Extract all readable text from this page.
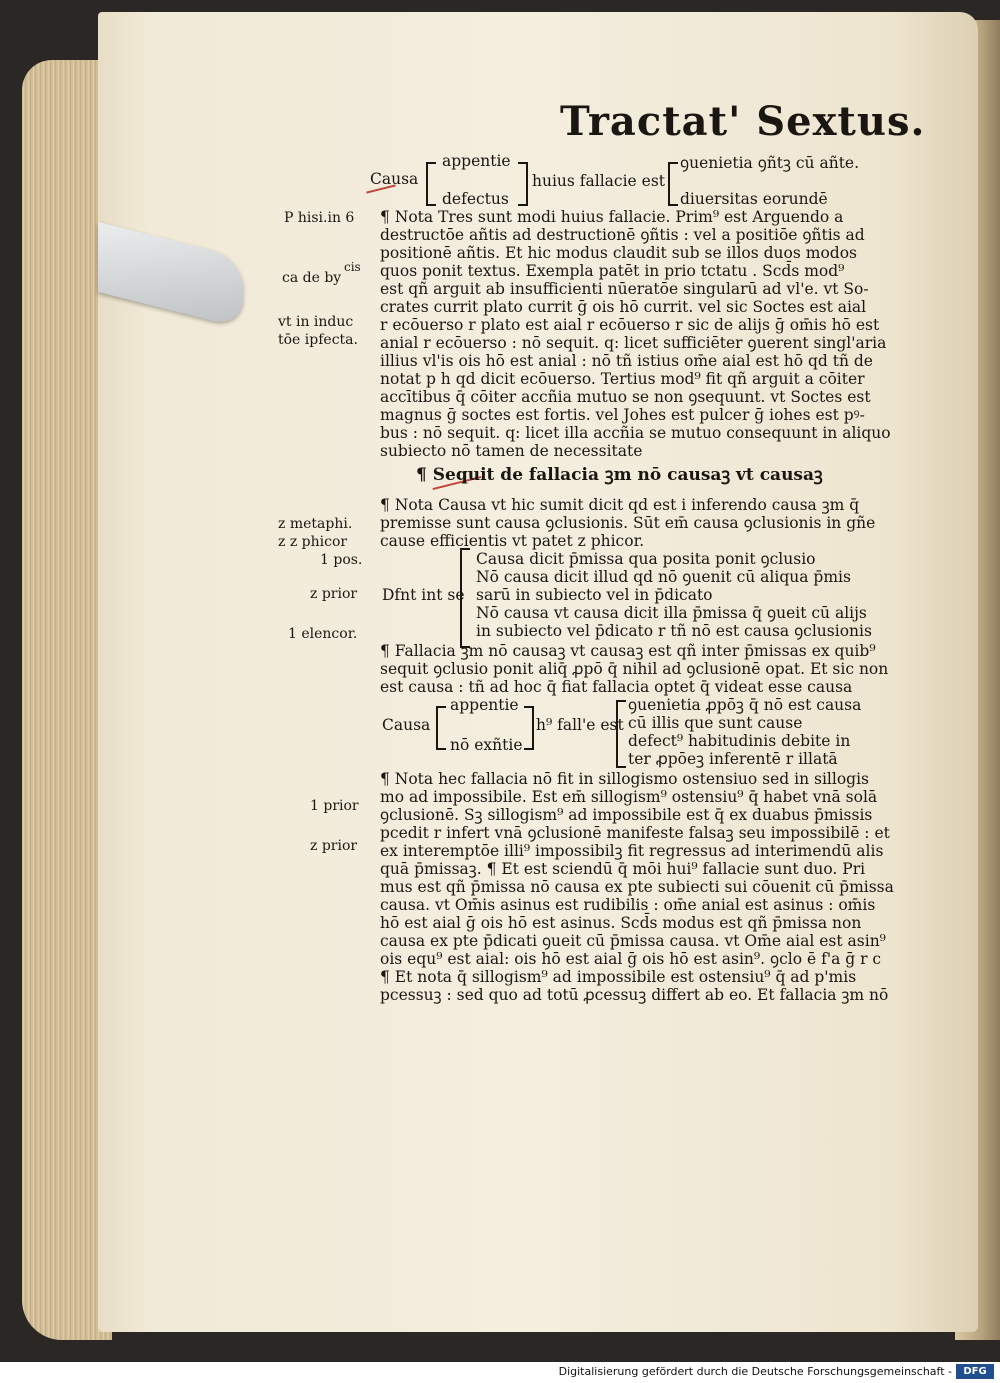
Tractat' Sextus.
Causa
appentie
defectus
huius fallacie est
ꝯuenietia ꝯñtꝫ cū añte.
diuersitas eorundē
P hisi.in 6
ca de by
cis
vt in induc
tōe ipfecta.
z metaphi.
z z phicor
1 pos.
z prior
1 elencor.
1 prior
z prior
¶ Nota Tres sunt modi huius fallacie. Prim⁹ est Arguendo a
destructōe añtis ad destructionē ꝯñtis : vel a positiōe ꝯñtis ad
positionē añtis. Et hic modus claudit sub se illos duos modos
quos ponit textus. Exempla patēt in prio tctatu . Scd̄s mod⁹
est qñ arguit ab insufficienti nūeratōe singularū ad vl'e. vt So-
crates currit plato currit ḡ ois hō currit. vel sic Soctes est aial
r ecōuerso r plato est aial r ecōuerso r sic de alijs ḡ om̄is hō est
anial r ecōuerso : nō sequit. q: licet sufficiēter ꝯuerent singl'aria
illius vl'is ois hō est anial : nō tñ istius om̄e aial est hō qd tñ de
notat p h qd dicit ecōuerso. Tertius mod⁹ fit qñ arguit a cōiter
accītibus q̄ cōiter accñia mutuo se non ꝯsequunt. vt Soctes est
magnus ḡ soctes est fortis. vel Johes est pulcer ḡ iohes est pꝰ-
bus : nō sequit. q: licet illa accñia se mutuo consequunt in aliquo
subiecto nō tamen de necessitate
¶ Sequit de fallacia ꝫm nō causaꝫ vt causaꝫ
¶ Nota Causa vt hic sumit dicit qd est i inferendo causa ꝫm q̄
premisse sunt causa ꝯclusionis. Sūt em̄ causa ꝯclusionis in gñe
cause efficientis vt patet z phicor.
Dfnt int se
Causa dicit p̄missa qua posita ponit ꝯclusio
Nō causa dicit illud qd nō ꝯuenit cū aliqua p̄mis
sarū in subiecto vel in p̄dicato
Nō causa vt causa dicit illa p̄missa q̄ ꝯueit cū alijs
in subiecto vel p̄dicato r tñ nō est causa ꝯclusionis
¶ Fallacia ꝫm nō causaꝫ vt causaꝫ est qñ inter p̄missas ex quib⁹
sequit ꝯclusio ponit aliq̄ ꝓpō q̄ nihil ad ꝯclusionē opat. Et sic non
est causa : tñ ad hoc q̄ fiat fallacia optet q̄ videat esse causa
Causa
appentie
nō exñtie
h⁹ fall'e est
ꝯuenietia ꝓpōꝫ q̄ nō est causa
cū illis que sunt cause
defect⁹ habitudinis debite in
ter ꝓpōeꝫ inferentē r illatā
¶ Nota hec fallacia nō fit in sillogismo ostensiuo sed in sillogis
mo ad impossibile. Est em̄ sillogism⁹ ostensiu⁹ q̄ habet vnā solā
ꝯclusionē. Sꝫ sillogism⁹ ad impossibile est q̄ ex duabus p̄missis
pcedit r infert vnā ꝯclusionē manifeste falsaꝫ seu impossibilē : et
ex interemptōe illi⁹ impossibilꝫ fit regressus ad interimendū alis
quā p̄missaꝫ. ¶ Et est sciendū q̄ mōi hui⁹ fallacie sunt duo. Pri
mus est qñ p̄missa nō causa ex pte subiecti sui cōuenit cū p̄missa
causa. vt Om̄is asinus est rudibilis : om̄e anial est asinus : om̄is
hō est aial ḡ ois hō est asinus. Scd̄s modus est qñ p̄missa non
causa ex pte p̄dicati ꝯueit cū p̄missa causa. vt Om̄e aial est asin⁹
ois equ⁹ est aial: ois hō est aial ḡ ois hō est asin⁹. ꝯclo ē f'a ḡ r c
¶ Et nota q̄ sillogism⁹ ad impossibile est ostensiu⁹ q̄ ad p'mis
pcessuꝫ : sed quo ad totū ꝓcessuꝫ differt ab eo. Et fallacia ꝫm nō
Digitalisierung gefördert durch die Deutsche Forschungsgemeinschaft -	DFG
